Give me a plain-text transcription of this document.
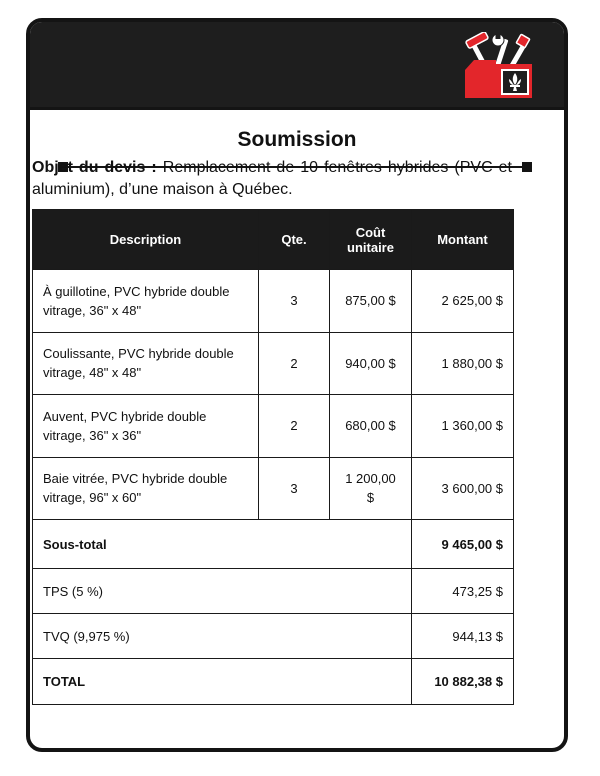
Soumission
Objet du devis : Remplacement de 10 fenêtres hybrides (PVC et aluminium), d’une maison à Québec.
Description	Qte.	Coût unitaire	Montant
À guillotine, PVC hybride double vitrage, 36" x 48"	3	875,00 $	2 625,00 $
Coulissante, PVC hybride double vitrage, 48" x 48"	2	940,00 $	1 880,00 $
Auvent, PVC hybride double vitrage, 36" x 36"	2	680,00 $	1 360,00 $
Baie vitrée, PVC hybride double vitrage, 96" x 60"	3	1 200,00 $	3 600,00 $
Sous-total			9 465,00 $
TPS (5 %)			473,25 $
TVQ (9,975 %)			944,13 $
TOTAL			10 882,38 $
